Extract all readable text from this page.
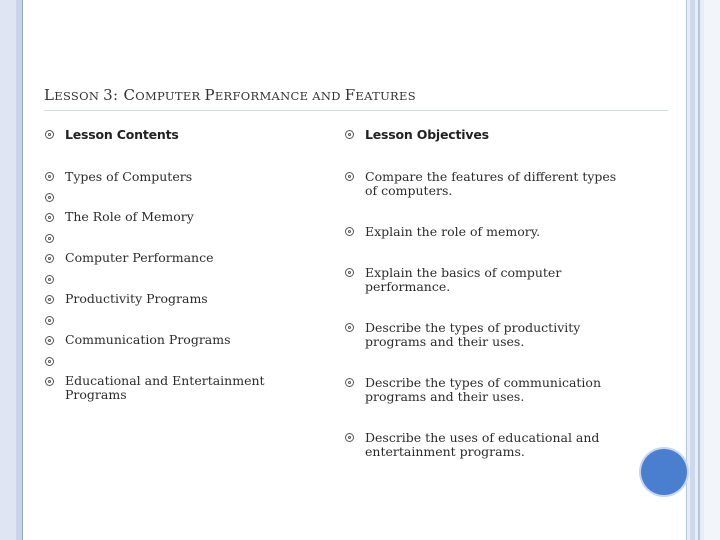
LESSON 3: COMPUTER PERFORMANCE AND FEATURES
Lesson Contents
Types of Computers
The Role of Memory
Computer Performance
Productivity Programs
Communication Programs
Educational and Entertainment
Programs
Lesson Objectives
Compare the features of different types
of computers.
Explain the role of memory.
Explain the basics of computer
performance.
Describe the types of productivity
programs and their uses.
Describe the types of communication
programs and their uses.
Describe the uses of educational and
entertainment programs.
